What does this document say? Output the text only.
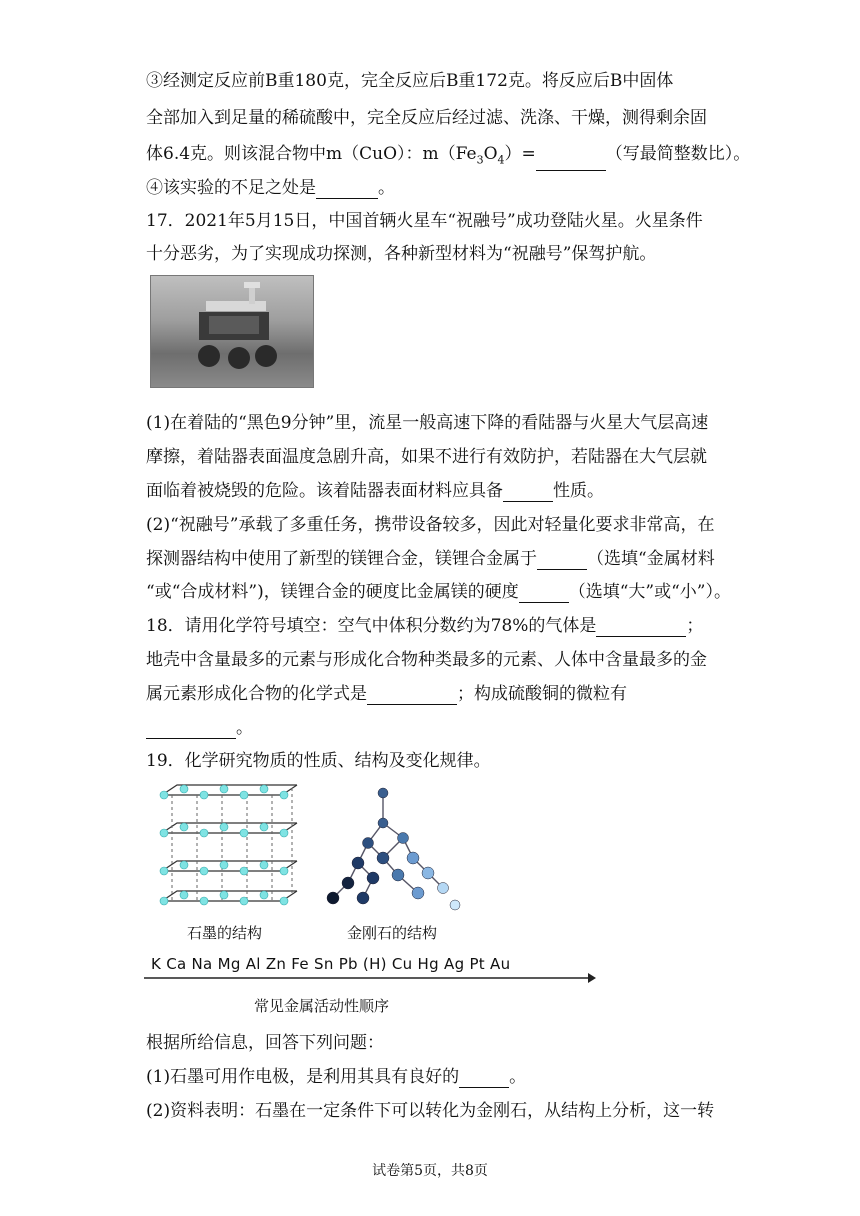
③经测定反应前B重180克，完全反应后B重172克。将反应后B中固体
全部加入到足量的稀硫酸中，完全反应后经过滤、洗涤、干燥，测得剩余固
体6.4克。则该混合物中m（CuO）：$m(Fe_3O_4)=$	（写最简整数比）。
④该实验的不足之处是	。
17．2021年5月15日，中国首辆火星车“祝融号”成功登陆火星。火星条件
十分恶劣，为了实现成功探测，各种新型材料为“祝融号”保驾护航。
(1)在着陆的“黑色9分钟”里，流星一般高速下降的看陆器与火星大气层高速
摩擦，着陆器表面温度急剧升高，如果不进行有效防护，若陆器在大气层就
面临着被烧毁的危险。该着陆器表面材料应具备	性质。
(2)“祝融号”承载了多重任务，携带设备较多，因此对轻量化要求非常高，在
探测器结构中使用了新型的镁锂合金，镁锂合金属于	（选填“金属材料
“或“合成材料”)，镁锂合金的硬度比金属镁的硬度	（选填“大”或“小”）。
18．请用化学符号填空：空气中体积分数约为78%的气体是	；
地壳中含量最多的元素与形成化合物种类最多的元素、人体中含量最多的金
属元素形成化合物的化学式是	；构成硫酸铜的微粒有
。
19．化学研究物质的性质、结构及变化规律。
石墨的结构	金刚石的结构
K Ca Na Mg Al Zn Fe Sn Pb (H) Cu Hg Ag Pt Au
常见金属活动性顺序
根据所给信息，回答下列问题：
(1)石墨可用作电极，是利用其具有良好的	。
(2)资料表明：石墨在一定条件下可以转化为金刚石，从结构上分析，这一转
试卷第5页，共8页
